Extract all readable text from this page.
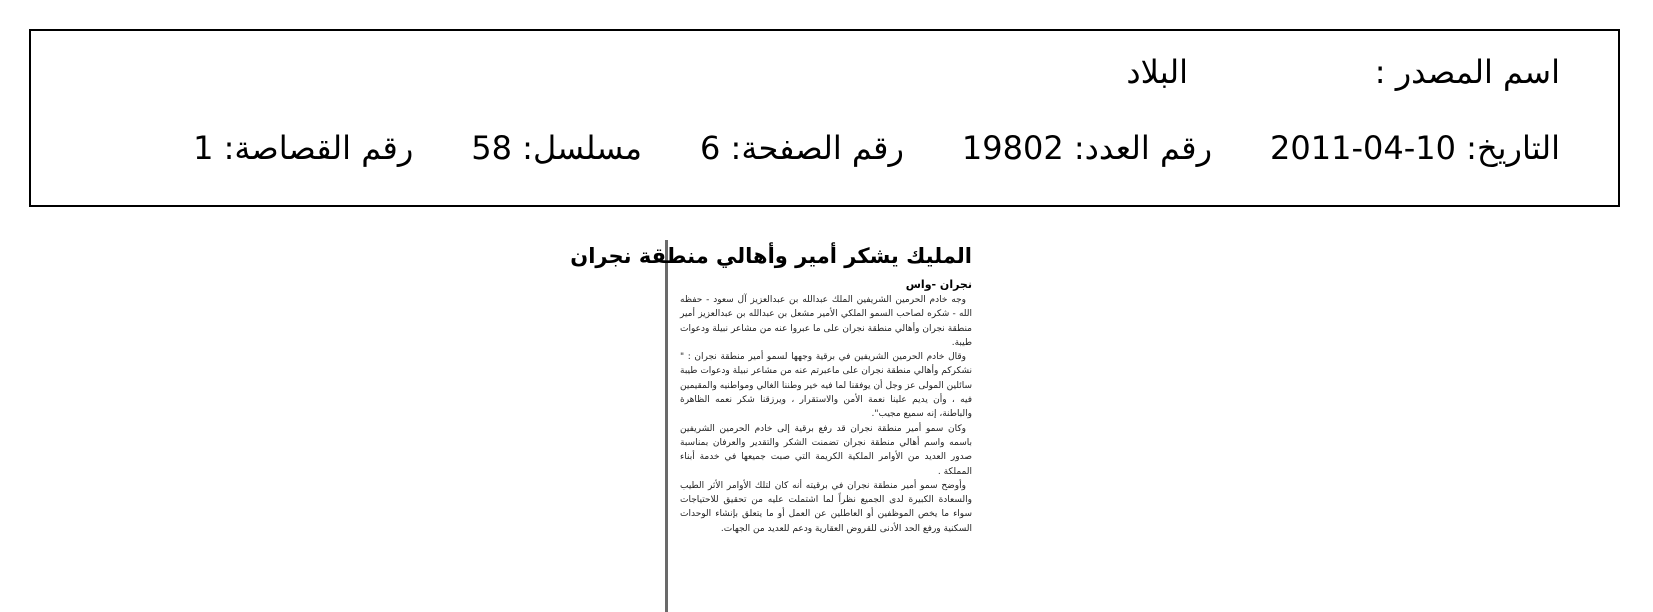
اسم المصدر :
البلاد
التاريخ: 10-04-2011
رقم العدد: 19802
رقم الصفحة: 6
مسلسل: 58
رقم القصاصة: 1
المليك يشكر أمير وأهالي منطقة نجران
نجران -واس

وجه خادم الحرمين الشريفين الملك عبدالله بن عبدالعزيز آل سعود - حفظه الله - شكره لصاحب السمو الملكي الأمير مشعل بن عبدالله بن عبدالعزيز أمير منطقة نجران وأهالي منطقة نجران على ما عبروا عنه من مشاعر نبيلة ودعوات طيبة.

وقال خادم الحرمين الشريفين في برقية وجهها لسمو أمير منطقة نجران : " نشكركم وأهالي منطقة نجران على ماعبرتم عنه من مشاعر نبيلة ودعوات طيبة سائلين المولى عز وجل أن يوفقنا لما فيه خير وطننا الغالي ومواطنيه والمقيمين فيه ، وأن يديم علينا نعمة الأمن والاستقرار ، ويرزقنا شكر نعمه الظاهرة والباطنة، إنه سميع مجيب".

وكان سمو أمير منطقة نجران قد رفع برقية إلى خادم الحرمين الشريفين باسمه واسم أهالي منطقة نجران تضمنت الشكر والتقدير والعرفان بمناسبة صدور العديد من الأوامر الملكية الكريمة التي صبت جميعها في خدمة أبناء المملكة .

وأوضح سمو أمير منطقة نجران في برقيته أنه كان لتلك الأوامر الأثر الطيب والسعادة الكبيرة لدى الجميع نظراً لما اشتملت عليه من تحقيق للاحتياجات سواء ما يخص الموظفين أو العاطلين عن العمل أو ما يتعلق بإنشاء الوحدات السكنية ورفع الحد الأدنى للقروض العقارية ودعم للعديد من الجهات.
